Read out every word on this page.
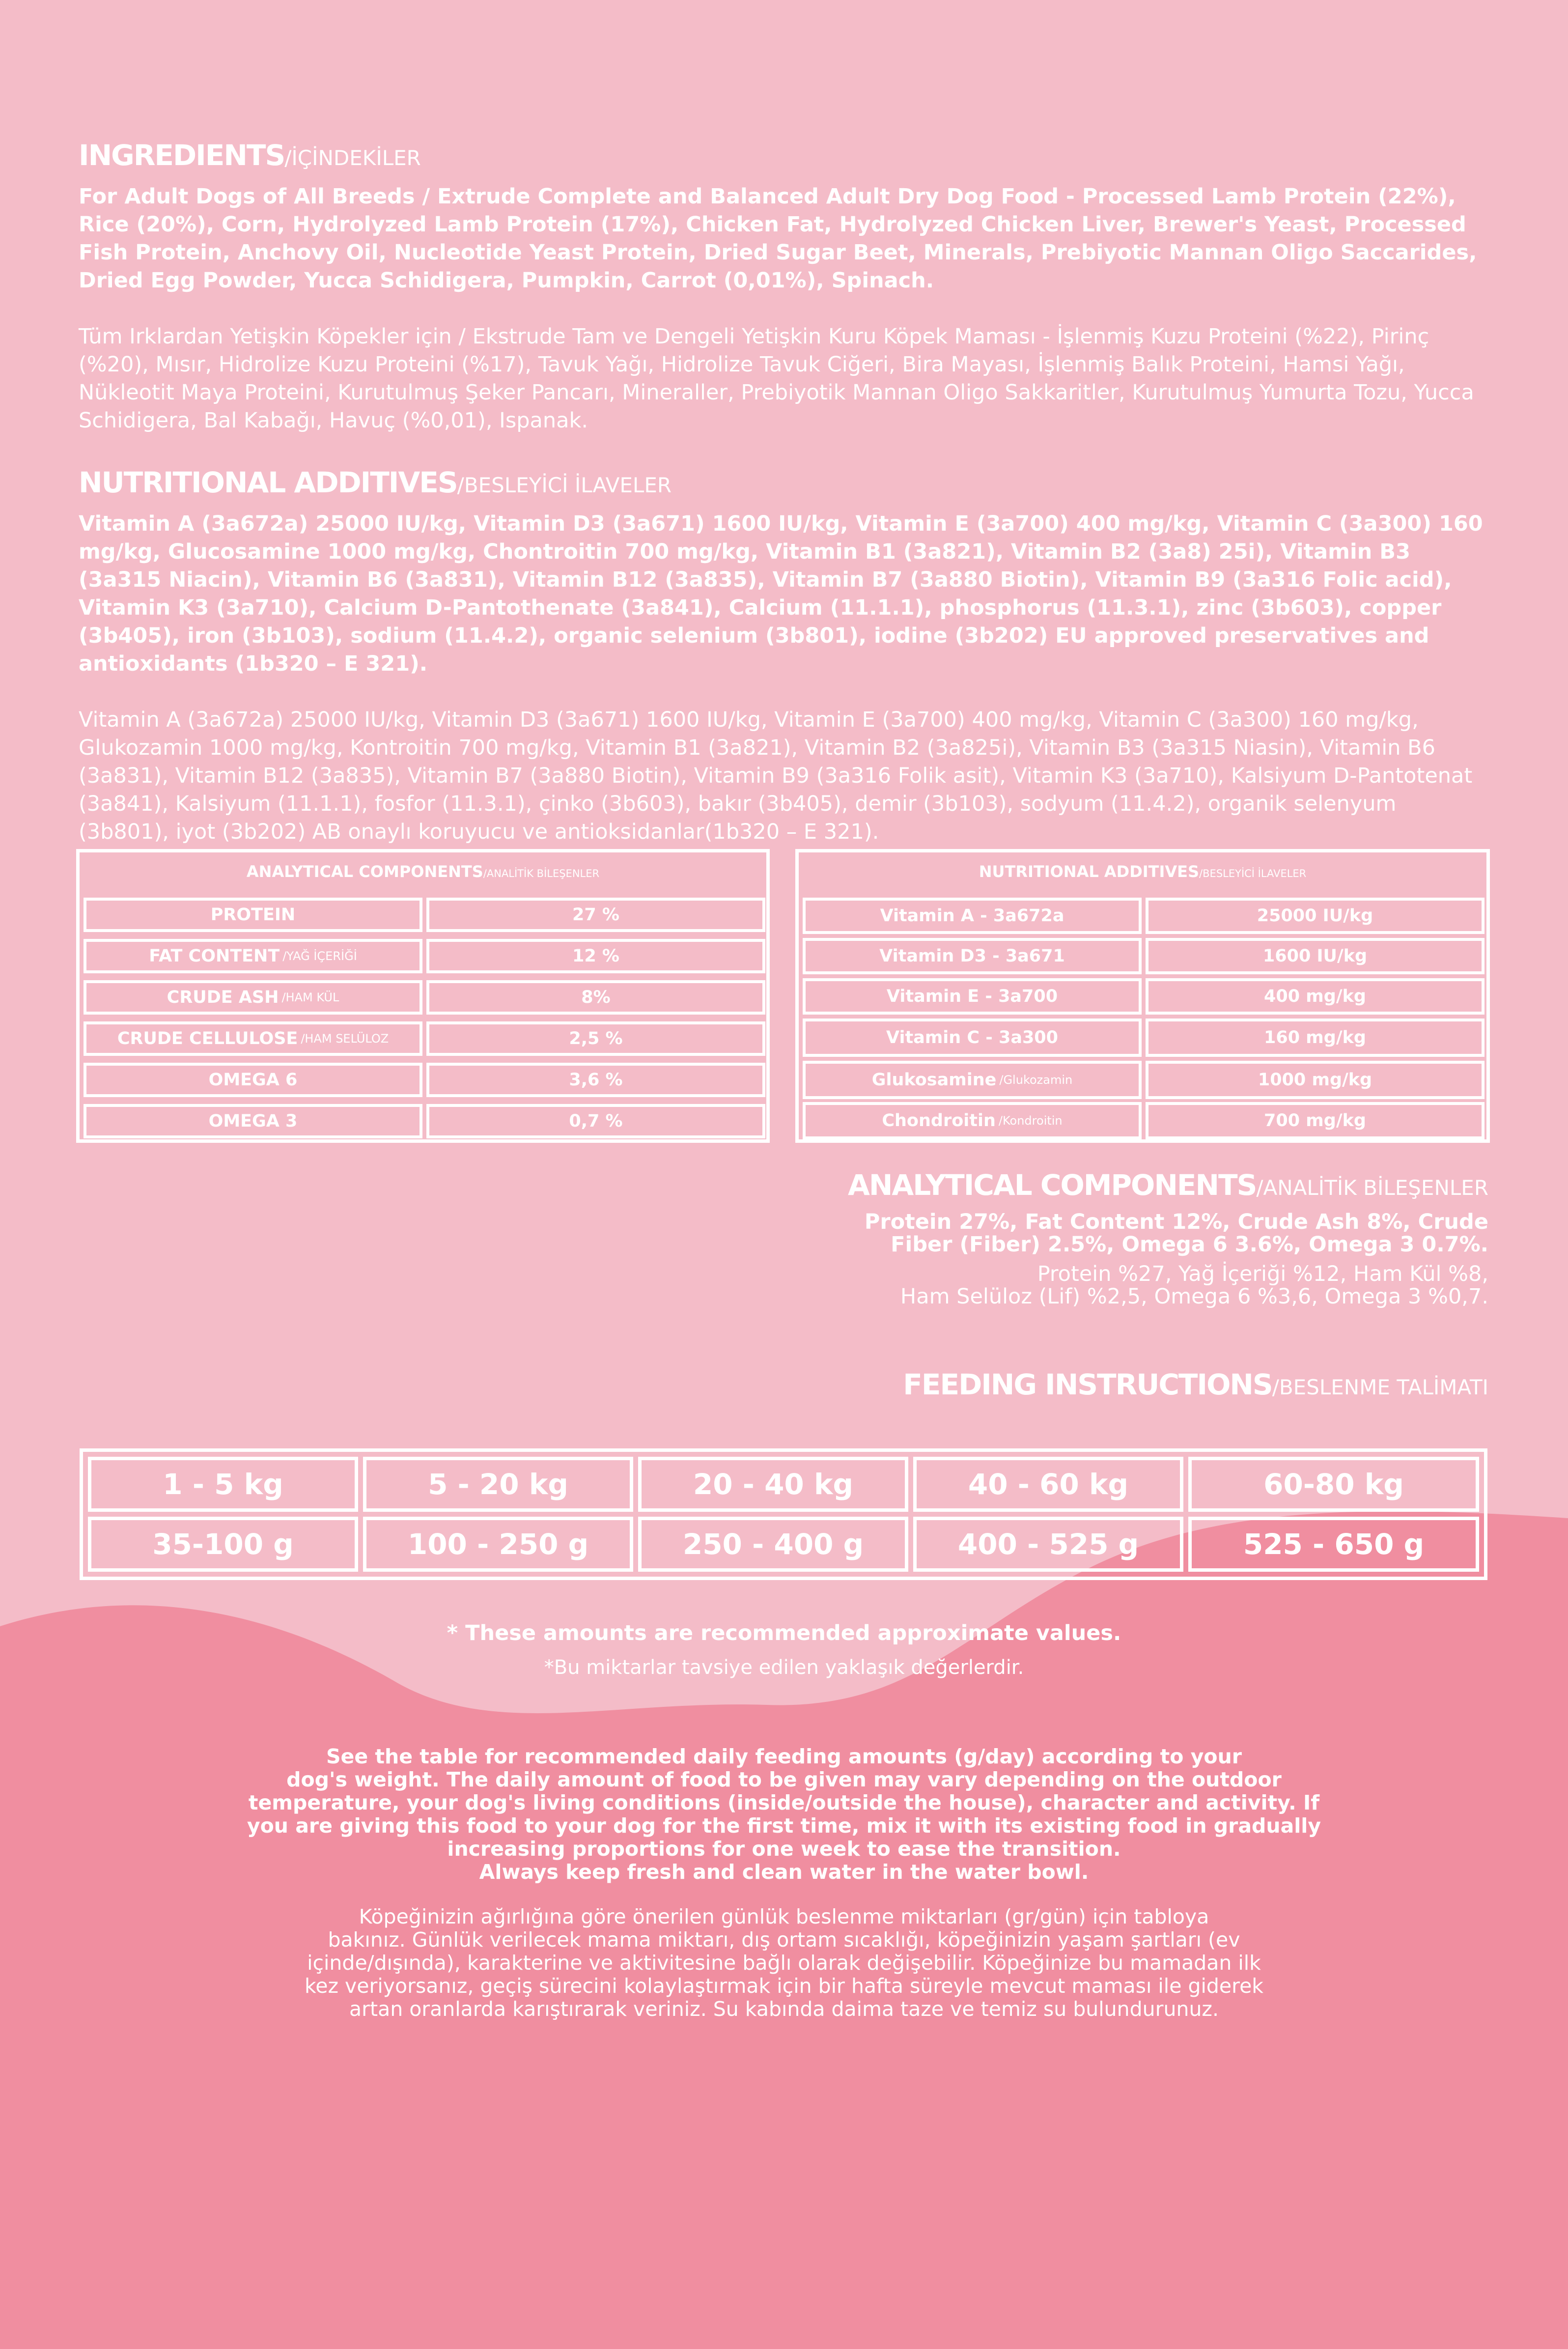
INGREDIENTS/İÇİNDEKİLER

For Adult Dogs of All Breeds / Extrude Complete and Balanced Adult Dry Dog Food - Processed Lamb Protein (22%), Rice (20%), Corn, Hydrolyzed Lamb Protein (17%), Chicken Fat, Hydrolyzed Chicken Liver, Brewer's Yeast, Processed Fish Protein, Anchovy Oil, Nucleotide Yeast Protein, Dried Sugar Beet, Minerals, Prebiyotic Mannan Oligo Saccarides, Dried Egg Powder, Yucca Schidigera, Pumpkin, Carrot (0,01%), Spinach.

Tüm Irklardan Yetişkin Köpekler için / Ekstrude Tam ve Dengeli Yetişkin Kuru Köpek Maması - İşlenmiş Kuzu Proteini (%22), Pirinç (%20), Mısır, Hidrolize Kuzu Proteini (%17), Tavuk Yağı, Hidrolize Tavuk Ciğeri, Bira Mayası, İşlenmiş Balık Proteini, Hamsi Yağı, Nükleotit Maya Proteini, Kurutulmuş Şeker Pancarı, Mineraller, Prebiyotik Mannan Oligo Sakkaritler, Kurutulmuş Yumurta Tozu, Yucca Schidigera, Bal Kabağı, Havuç (%0,01), Ispanak.

NUTRITIONAL ADDITIVES/BESLEYİCİ İLAVELER

Vitamin A (3a672a) 25000 IU/kg, Vitamin D3 (3a671) 1600 IU/kg, Vitamin E (3a700) 400 mg/kg, Vitamin C (3a300) 160 mg/kg, Glucosamine 1000 mg/kg, Chontroitin 700 mg/kg, Vitamin B1 (3a821), Vitamin B2 (3a8) 25i), Vitamin B3 (3a315 Niacin), Vitamin B6 (3a831), Vitamin B12 (3a835), Vitamin B7 (3a880 Biotin), Vitamin B9 (3a316 Folic acid), Vitamin K3 (3a710), Calcium D-Pantothenate (3a841), Calcium (11.1.1), phosphorus (11.3.1), zinc (3b603), copper (3b405), iron (3b103), sodium (11.4.2), organic selenium (3b801), iodine (3b202) EU approved preservatives and antioxidants (1b320 – E 321).

Vitamin A (3a672a) 25000 IU/kg, Vitamin D3 (3a671) 1600 IU/kg, Vitamin E (3a700) 400 mg/kg, Vitamin C (3a300) 160 mg/kg, Glukozamin 1000 mg/kg, Kontroitin 700 mg/kg, Vitamin B1 (3a821), Vitamin B2 (3a825i), Vitamin B3 (3a315 Niasin), Vitamin B6 (3a831), Vitamin B12 (3a835), Vitamin B7 (3a880 Biotin), Vitamin B9 (3a316 Folik asit), Vitamin K3 (3a710), Kalsiyum D-Pantotenat (3a841), Kalsiyum (11.1.1), fosfor (11.3.1), çinko (3b603), bakır (3b405), demir (3b103), sodyum (11.4.2), organik selenyum (3b801), iyot (3b202) AB onaylı koruyucu ve antioksidanlar(1b320 – E 321).

ANALYTICAL COMPONENTS/ANALİTİK BİLEŞENLER
PROTEIN	27 %
FAT CONTENT /YAĞ İÇERİĞİ	12 %
CRUDE ASH /HAM KÜL	8%
CRUDE CELLULOSE /HAM SELÜLOZ	2,5 %
OMEGA 6	3,6 %
OMEGA 3	0,7 %
NUTRITIONAL ADDITIVES/BESLEYİCİ İLAVELER
Vitamin A - 3a672a	25000 IU/kg
Vitamin D3 - 3a671	1600 IU/kg
Vitamin E - 3a700	400 mg/kg
Vitamin C - 3a300	160 mg/kg
Glukosamine /Glukozamin	1000 mg/kg
Chondroitin /Kondroitin	700 mg/kg
ANALYTICAL COMPONENTS/ANALİTİK BİLEŞENLER
Protein 27%, Fat Content 12%, Crude Ash 8%, Crude
Fiber (Fiber) 2.5%, Omega 6 3.6%, Omega 3 0.7%.
Protein %27, Yağ İçeriği %12, Ham Kül %8,
Ham Selüloz (Lif) %2,5, Omega 6 %3,6, Omega 3 %0,7.
FEEDING INSTRUCTIONS/BESLENME TALİMATI
1 - 5 kg	5 - 20 kg	20 - 40 kg	40 - 60 kg	60-80 kg
35-100 g	100 - 250 g	250 - 400 g	400 - 525 g	525 - 650 g
* These amounts are recommended approximate values.
*Bu miktarlar tavsiye edilen yaklaşık değerlerdir.
See the table for recommended daily feeding amounts (g/day) according to your
dog's weight. The daily amount of food to be given may vary depending on the outdoor
temperature, your dog's living conditions (inside/outside the house), character and activity. If
you are giving this food to your dog for the first time, mix it with its existing food in gradually
increasing proportions for one week to ease the transition.
Always keep fresh and clean water in the water bowl.
Köpeğinizin ağırlığına göre önerilen günlük beslenme miktarları (gr/gün) için tabloya
bakınız. Günlük verilecek mama miktarı, dış ortam sıcaklığı, köpeğinizin yaşam şartları (ev
içinde/dışında), karakterine ve aktivitesine bağlı olarak değişebilir. Köpeğinize bu mamadan ilk
kez veriyorsanız, geçiş sürecini kolaylaştırmak için bir hafta süreyle mevcut maması ile giderek
artan oranlarda karıştırarak veriniz. Su kabında daima taze ve temiz su bulundurunuz.
